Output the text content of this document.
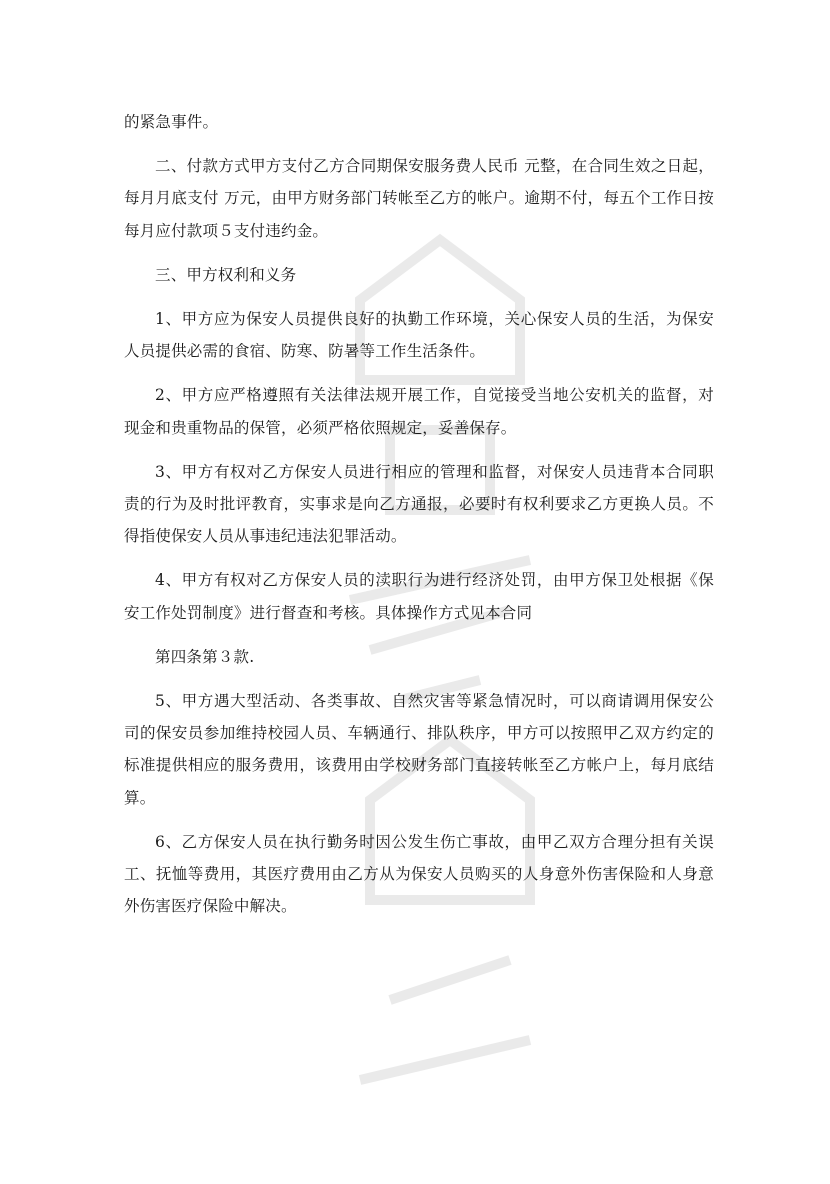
的紧急事件。

二、付款方式甲方支付乙方合同期保安服务费人民币 元整，在合同生效之日起，每月月底支付 万元，由甲方财务部门转帐至乙方的帐户。逾期不付，每五个工作日按每月应付款项５支付违约金。

三、甲方权利和义务

1、甲方应为保安人员提供良好的执勤工作环境，关心保安人员的生活，为保安人员提供必需的食宿、防寒、防暑等工作生活条件。

2、甲方应严格遵照有关法律法规开展工作，自觉接受当地公安机关的监督，对现金和贵重物品的保管，必须严格依照规定，妥善保存。

3、甲方有权对乙方保安人员进行相应的管理和监督，对保安人员违背本合同职责的行为及时批评教育，实事求是向乙方通报，必要时有权利要求乙方更换人员。不得指使保安人员从事违纪违法犯罪活动。

4、甲方有权对乙方保安人员的渎职行为进行经济处罚，由甲方保卫处根据《保安工作处罚制度》进行督查和考核。具体操作方式见本合同

第四条第３款.

5、甲方遇大型活动、各类事故、自然灾害等紧急情况时，可以商请调用保安公司的保安员参加维持校园人员、车辆通行、排队秩序，甲方可以按照甲乙双方约定的标准提供相应的服务费用，该费用由学校财务部门直接转帐至乙方帐户上，每月底结算。

6、乙方保安人员在执行勤务时因公发生伤亡事故，由甲乙双方合理分担有关误工、抚恤等费用，其医疗费用由乙方从为保安人员购买的人身意外伤害保险和人身意外伤害医疗保险中解决。
